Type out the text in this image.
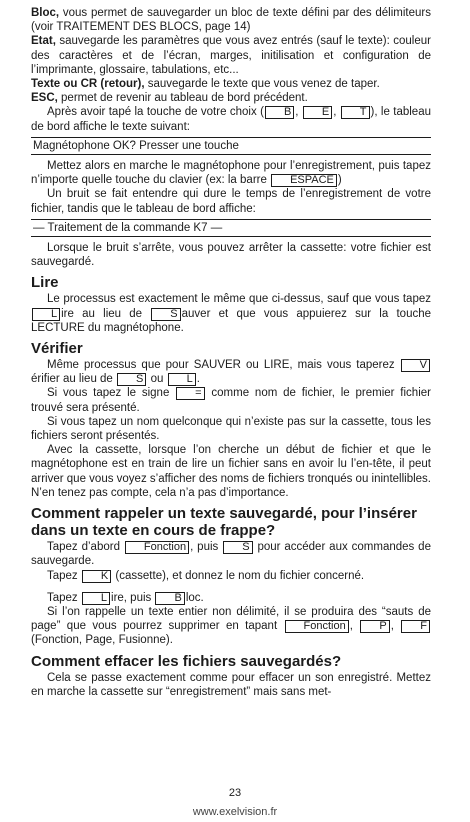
Bloc, vous permet de sauvegarder un bloc de texte défini par des délimiteurs (voir TRAITEMENT DES BLOCS, page 14)

Etat, sauvegarde les paramètres que vous avez entrés (sauf le texte): couleur des caractères et de l’écran, marges, initilisation et configuration de l’imprimante, glossaire, tabulations, etc...

Texte ou CR (retour), sauvegarde le texte que vous venez de taper.

ESC, permet de revenir au tableau de bord précédent.

Après avoir tapé la touche de votre choix ( B , E , T ), le tableau de bord affiche le texte suivant:

Magnétophone OK? Presser une touche

Mettez alors en marche le magnétophone pour l’enregistrement, puis tapez n’importe quelle touche du clavier (ex: la barre ESPACE )

Un bruit se fait entendre qui dure le temps de l’enregistrement de votre fichier, tandis que le tableau de bord affiche:

— Traitement de la commande K7 —

Lorsque le bruit s’arrête, vous pouvez arrêter la cassette: votre fichier est sauvegardé.

Lire

Le processus est exactement le même que ci-dessus, sauf que vous tapez L ire au lieu de S auver et que vous appuierez sur la touche LECTURE du magnétophone.

Vérifier

Même processus que pour SAUVER ou LIRE, mais vous taperez Vérifier au lieu de S ou L .

Si vous tapez le signe = comme nom de fichier, le premier fichier trouvé sera présenté.

Si vous tapez un nom quelconque qui n’existe pas sur la cassette, tous les fichiers seront présentés.

Avec la cassette, lorsque l’on cherche un début de fichier et que le magnétophone est en train de lire un fichier sans en avoir lu l’en-tête, il peut arriver que vous voyez s’afficher des noms de fichiers tronqués ou inintellibles. N’en tenez pas compte, cela n’a pas d’importance.

Comment rappeler un texte sauvegardé, pour l’insérer dans un texte en cours de frappe?

Tapez d’abord Fonction , puis S pour accéder aux commandes de sauvegarde.

Tapez K (cassette), et donnez le nom du fichier concerné.

Tapez L ire, puis B loc.

Si l’on rappelle un texte entier non délimité, il se produira des “sauts de page” que vous pourrez supprimer en tapant Fonction , P , F (Fonction, Page, Fusionne).

Comment effacer les fichiers sauvegardés?

Cela se passe exactement comme pour effacer un son enregistré. Mettez en marche la cassette sur “enregistrement” mais sans met-

23
www.exelvision.fr
